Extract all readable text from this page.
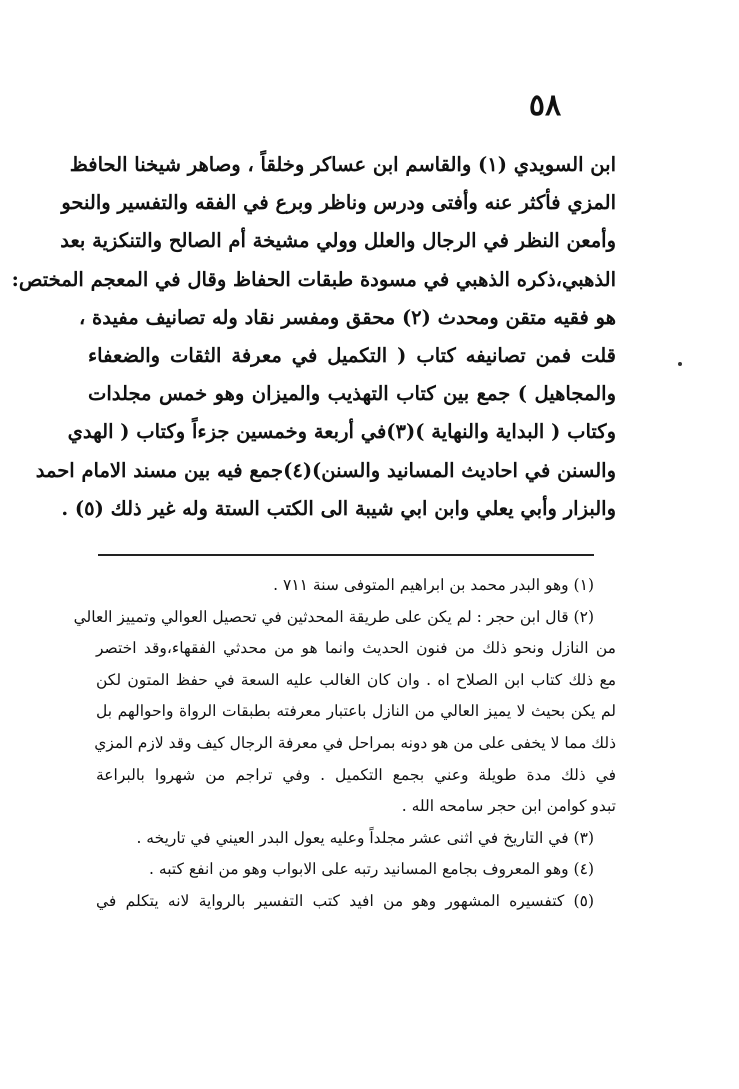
٥٨
ابن السويدي (١) والقاسم ابن عساكر وخلقاً ، وصاهر شيخنا الحافظ
المزي فأكثر عنه وأفتى ودرس وناظر وبرع في الفقه والتفسير والنحو
وأمعن النظر في الرجال والعلل وولي مشيخة أم الصالح والتنكزية بعد
الذهبي،ذكره الذهبي في مسودة طبقات الحفاظ وقال في المعجم المختص:
هو فقيه متقن ومحدث (٢) محقق ومفسر نقاد وله تصانيف مفيدة ،
قلت فمن تصانيفه كتاب ( التكميل في معرفة الثقات والضعفاء
والمجاهيل ) جمع بين كتاب التهذيب والميزان وهو خمس مجلدات
وكتاب ( البداية والنهاية )(٣)في أربعة وخمسين جزءاً وكتاب ( الهدي
والسنن في احاديث المسانيد والسنن)(٤)جمع فيه بين مسند الامام احمد
والبزار وأبي يعلي وابن ابي شيبة الى الكتب الستة وله غير ذلك (٥) .
(١) وهو البدر محمد بن ابراهيم المتوفى سنة ٧١١ .
(٢) قال ابن حجر : لم يكن على طريقة المحدثين في تحصيل العوالي وتمييز العالي
من النازل ونحو ذلك من فنون الحديث وانما هو من محدثي الفقهاء،وقد اختصر
مع ذلك كتاب ابن الصلاح اه . وان كان الغالب عليه السعة في حفظ المتون لكن
لم يكن بحيث لا يميز العالي من النازل باعتبار معرفته بطبقات الرواة واحوالهم بل
ذلك مما لا يخفى على من هو دونه بمراحل في معرفة الرجال كيف وقد لازم المزي
في ذلك مدة طويلة وعني بجمع التكميل . وفي تراجم من شهروا بالبراعة
تبدو كوامن ابن حجر سامحه الله .
(٣) في التاريخ في اثنى عشر مجلداً وعليه يعول البدر العيني في تاريخه .
(٤) وهو المعروف بجامع المسانيد رتبه على الابواب وهو من انفع كتبه .
(٥) كتفسيره المشهور وهو من افيد كتب التفسير بالرواية لانه يتكلم في
